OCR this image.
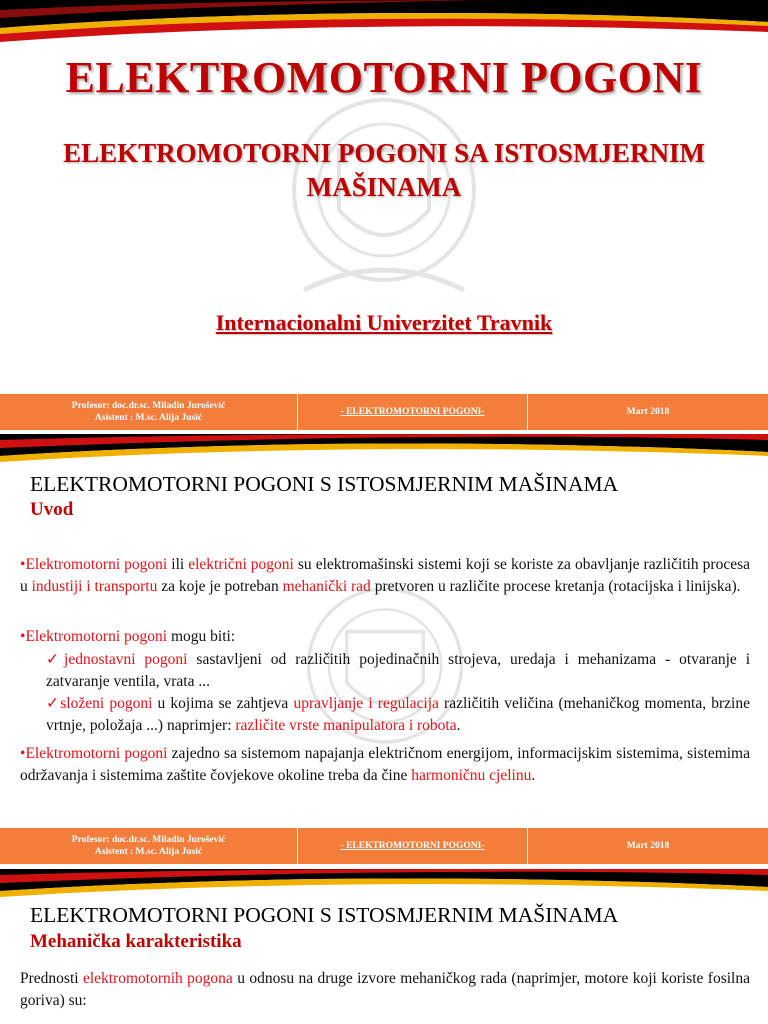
ELEKTROMOTORNI POGONI
ELEKTROMOTORNI POGONI SA ISTOSMJERNIM MAŠINAMA
Internacionalni Univerzitet Travnik
Profesor: doc.dr.sc. Miladin Jurošević
Asistent : M.sc. Alija Jusić
- ELEKTROMOTORNI POGONI-	Mart 2018
ELEKTROMOTORNI POGONI S ISTOSMJERNIM MAŠINAMA
Uvod
•Elektromotorni pogoni ili električni pogoni su elektromašinski sistemi koji se koriste za obavljanje različitih procesa u industiji i transportu za koje je potreban mehanički rad pretvoren u različite procese kretanja (rotacijska i linijska).
•Elektromotorni pogoni mogu biti:
✓jednostavni pogoni sastavljeni od različitih pojedinačnih strojeva, uredaja i mehanizama - otvaranje i zatvaranje ventila, vrata ...
✓složeni pogoni u kojima se zahtjeva upravljanje i regulacija različitih veličina (mehaničkog momenta, brzine vrtnje, položaja ...) naprimjer: različite vrste manipulatora i robota.
•Elektromotorni pogoni zajedno sa sistemom napajanja električnom energijom, informacijskim sistemima, sistemima održavanja i sistemima zaštite čovjekove okoline treba da čine harmoničnu cjelinu.
Profesor: doc.dr.sc. Miladin Jurošević
Asistent : M.sc. Alija Jusić
- ELEKTROMOTORNI POGONI-	Mart 2018
ELEKTROMOTORNI POGONI S ISTOSMJERNIM MAŠINAMA
Mehanička karakteristika
Prednosti elektromotornih pogona u odnosu na druge izvore mehaničkog rada (naprimjer, motore koji koriste fosilna goriva) su:
